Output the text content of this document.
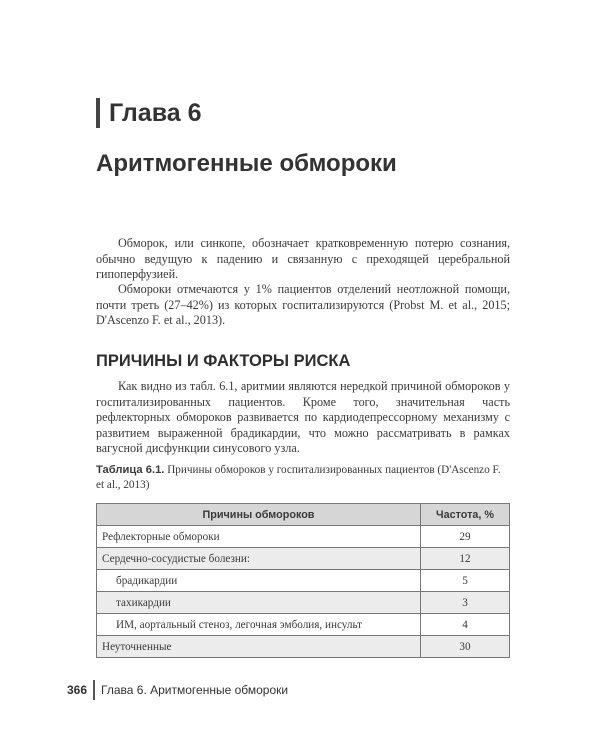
Глава 6
Аритмогенные обмороки

Обморок, или синкопе, обозначает кратковременную потерю сознания, обычно ведущую к падению и связанную с преходящей церебральной гипоперфузией.

Обмороки отмечаются у 1% пациентов отделений неотложной помощи, почти треть (27–42%) из которых госпитализируются (Probst M. et al., 2015; D'Ascenzo F. et al., 2013).

ПРИЧИНЫ И ФАКТОРЫ РИСКА

Как видно из табл. 6.1, аритмии являются нередкой причиной обмороков у госпитализированных пациентов. Кроме того, значительная часть рефлекторных обмороков развивается по кардиодепрессорному механизму с развитием выраженной брадикардии, что можно рассматривать в рамках вагусной дисфункции синусового узла.

Таблица 6.1. Причины обмороков у госпитализированных пациентов (D'Ascenzo F. et al., 2013)

Причины обмороков	Частота, %
Рефлекторные обмороки	29
Сердечно-сосудистые болезни:	12
брадикардии	5
тахикардии	3
ИМ, аортальный стеноз, легочная эмболия, инсульт	4
Неуточненные	30
366 Глава 6. Аритмогенные обмороки
